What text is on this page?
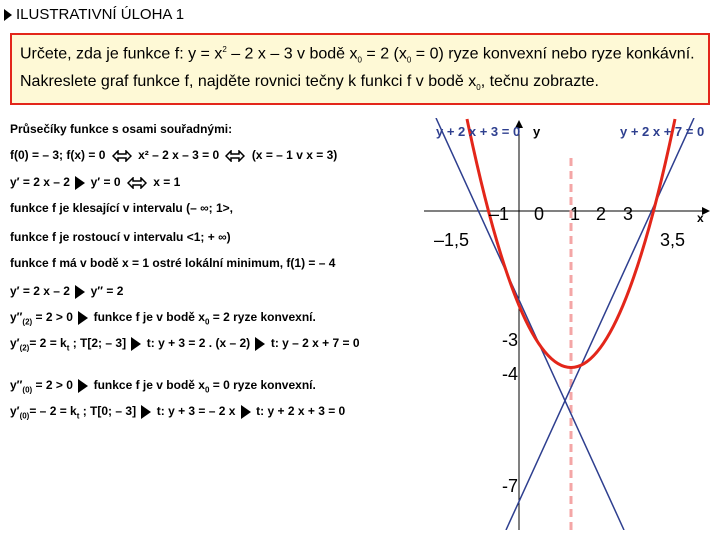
ILUSTRATIVNÍ ÚLOHA 1
Určete, zda je funkce f: $y = x^2 - 2$ x – 3 v bodě $x_0 = 2$ $(x_0 = 0)$ ryze konvexní nebo ryze konkávní. Nakreslete graf funkce f, najděte rovnici tečny k funkci f v bodě $x_0$, tečnu zobrazte.
Průsečíky funkce s osami souřadnými:
f(0) = – 3; f(x) = 0	x² – 2 x – 3 = 0	(x = – 1 v x = 3)
y′ = 2 x – 2 y′ = 0	x = 1
funkce f je klesající v intervalu (– ∞; 1>,
funkce f je rostoucí v intervalu <1; + ∞)
funkce f má v bodě x = 1 ostré lokální minimum, f(1) = – 4
y′ = 2 x – 2 y″ = 2
$y''_{(2)} = 2 > 0$ funkce f je v bodě $x_0 = 2$ ryze konvexní.
$y'_{(2)}= 2 = k_t$ ; T[2; – 3] t: y + 3 = 2 . (x – 2) t: y – 2 x + 7 = 0
$y''_{(0)} = 2 > 0$ funkce f je v bodě $x_0 = 0$ ryze konvexní.
$y'_{(0)}= - 2 = k_t$ ; T[0; – 3] t: y + 3 = – 2 x t: y + 2 x + 3 = 0
y + 2 x + 3 = 0	y + 2 x + 7 = 0
y
x
–1 0 1 2 3
–1,5	3,5
-3
-4
-7
